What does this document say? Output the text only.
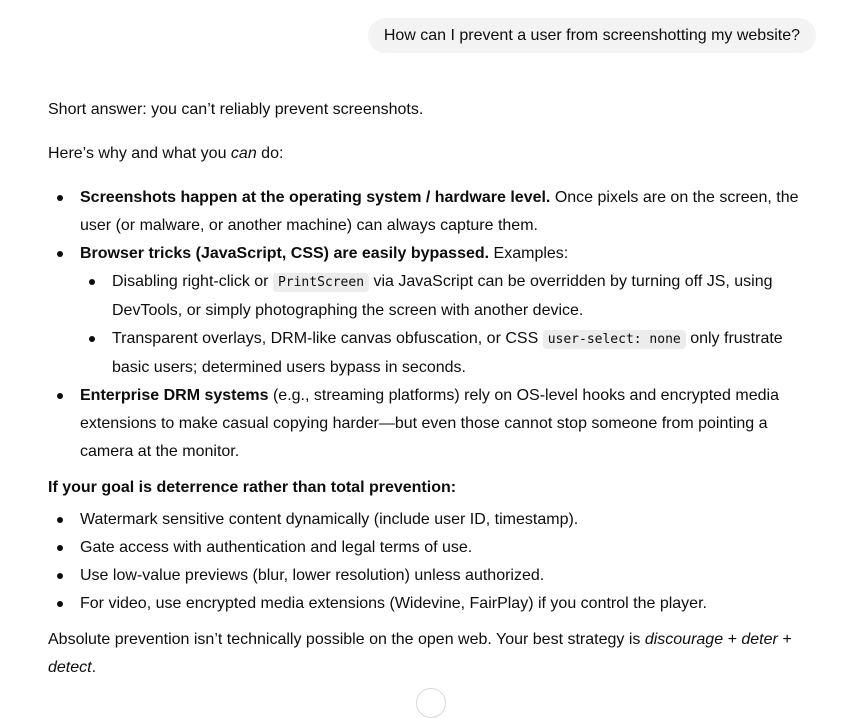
How can I prevent a user from screenshotting my website?

Short answer: you can’t reliably prevent screenshots.

Here’s why and what you can do:

Screenshots happen at the operating system / hardware level. Once pixels are on the screen, the user (or malware, or another machine) can always capture them.
Browser tricks (JavaScript, CSS) are easily bypassed. Examples:
Disabling right-click or PrintScreen via JavaScript can be overridden by turning off JS, using DevTools, or simply photographing the screen with another device.
Transparent overlays, DRM-like canvas obfuscation, or CSS user-select: none only frustrate basic users; determined users bypass in seconds.
Enterprise DRM systems (e.g., streaming platforms) rely on OS-level hooks and encrypted media extensions to make casual copying harder—but even those cannot stop someone from pointing a camera at the monitor.

If your goal is deterrence rather than total prevention:

Watermark sensitive content dynamically (include user ID, timestamp).
Gate access with authentication and legal terms of use.
Use low-value previews (blur, lower resolution) unless authorized.
For video, use encrypted media extensions (Widevine, FairPlay) if you control the player.

Absolute prevention isn’t technically possible on the open web. Your best strategy is discourage + deter + detect.
